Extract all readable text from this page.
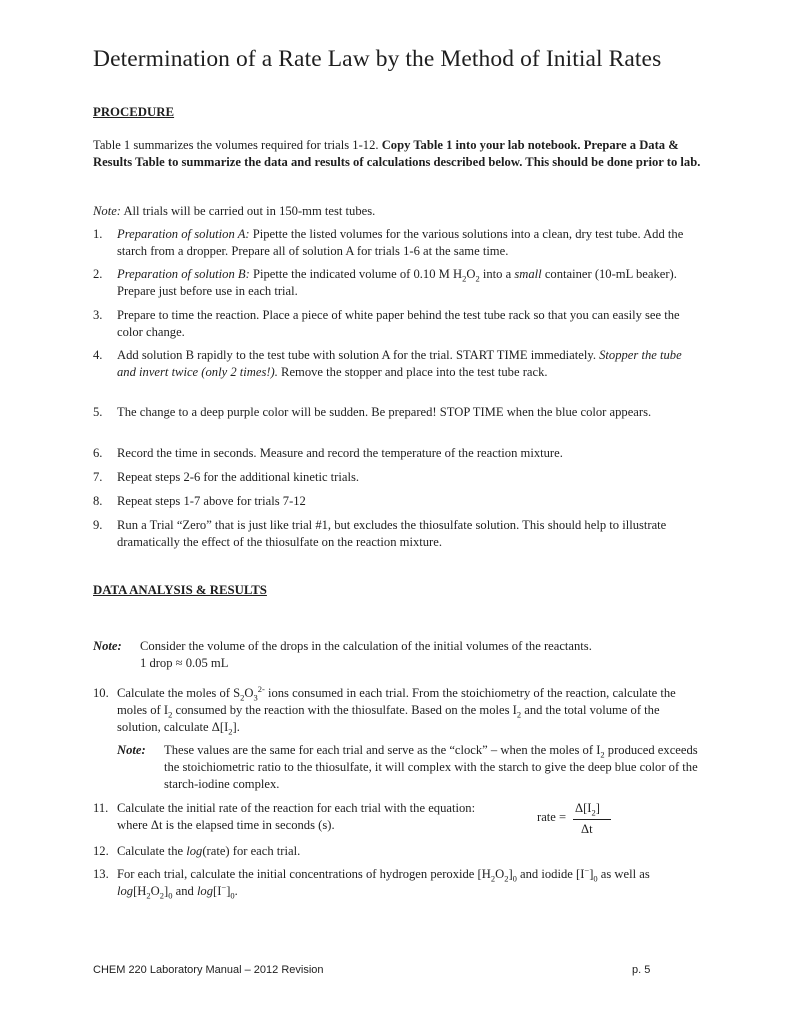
Determination of a Rate Law by the Method of Initial Rates
PROCEDURE

Table 1 summarizes the volumes required for trials 1-12. Copy Table 1 into your lab notebook. Prepare a Data & Results Table to summarize the data and results of calculations described below. This should be done prior to lab.

Note: All trials will be carried out in 150-mm test tubes.

1.	Preparation of solution A: Pipette the listed volumes for the various solutions into a clean, dry test tube. Add the starch from a dropper. Prepare all of solution A for trials 1-6 at the same time.

2.	Preparation of solution B: Pipette the indicated volume of 0.10 M $H_2O_2$ into a small container (10-mL beaker). Prepare just before use in each trial.

3.	Prepare to time the reaction. Place a piece of white paper behind the test tube rack so that you can easily see the color change.

4.	Add solution B rapidly to the test tube with solution A for the trial. START TIME immediately. Stopper the tube and invert twice (only 2 times!). Remove the stopper and place into the test tube rack.

5.	The change to a deep purple color will be sudden. Be prepared! STOP TIME when the blue color appears.

6.	Record the time in seconds. Measure and record the temperature of the reaction mixture.

7.	Repeat steps 2-6 for the additional kinetic trials.

8.	Repeat steps 1-7 above for trials 7-12

9.	Run a Trial “Zero” that is just like trial #1, but excludes the thiosulfate solution. This should help to illustrate dramatically the effect of the thiosulfate on the reaction mixture.

DATA ANALYSIS & RESULTS

Note: Consider the volume of the drops in the calculation of the initial volumes of the reactants.

1 drop ≈ 0.05 mL

10. Calculate the moles of $S_2O_3^{2-}$ ions consumed in each trial. From the stoichiometry of the reaction, calculate the moles of $I_2$ consumed by the reaction with the thiosulfate. Based on the moles $I_2$ and the total volume of the solution, calculate $\Delta[I_2]$.

Note:	These values are the same for each trial and serve as the “clock” – when the moles of $I_2$ produced exceeds the stoichiometric ratio to the thiosulfate, it will complex with the starch to give the deep blue color of the starch-iodine complex.

11. Calculate the initial rate of the reaction for each trial with the equation:

where Δt is the elapsed time in seconds (s).

rate =
$\Delta[I_2]$
Δt
12. Calculate the log(rate) for each trial.

13. For each trial, calculate the initial concentrations of hydrogen peroxide $[H_2O_2]_0$ and iodide $[I^-]_0$ as well as $\log[H_2O_2]_0$ and $\log[I^-]_0$.

CHEM 220 Laboratory Manual – 2012 Revision	p. 5
